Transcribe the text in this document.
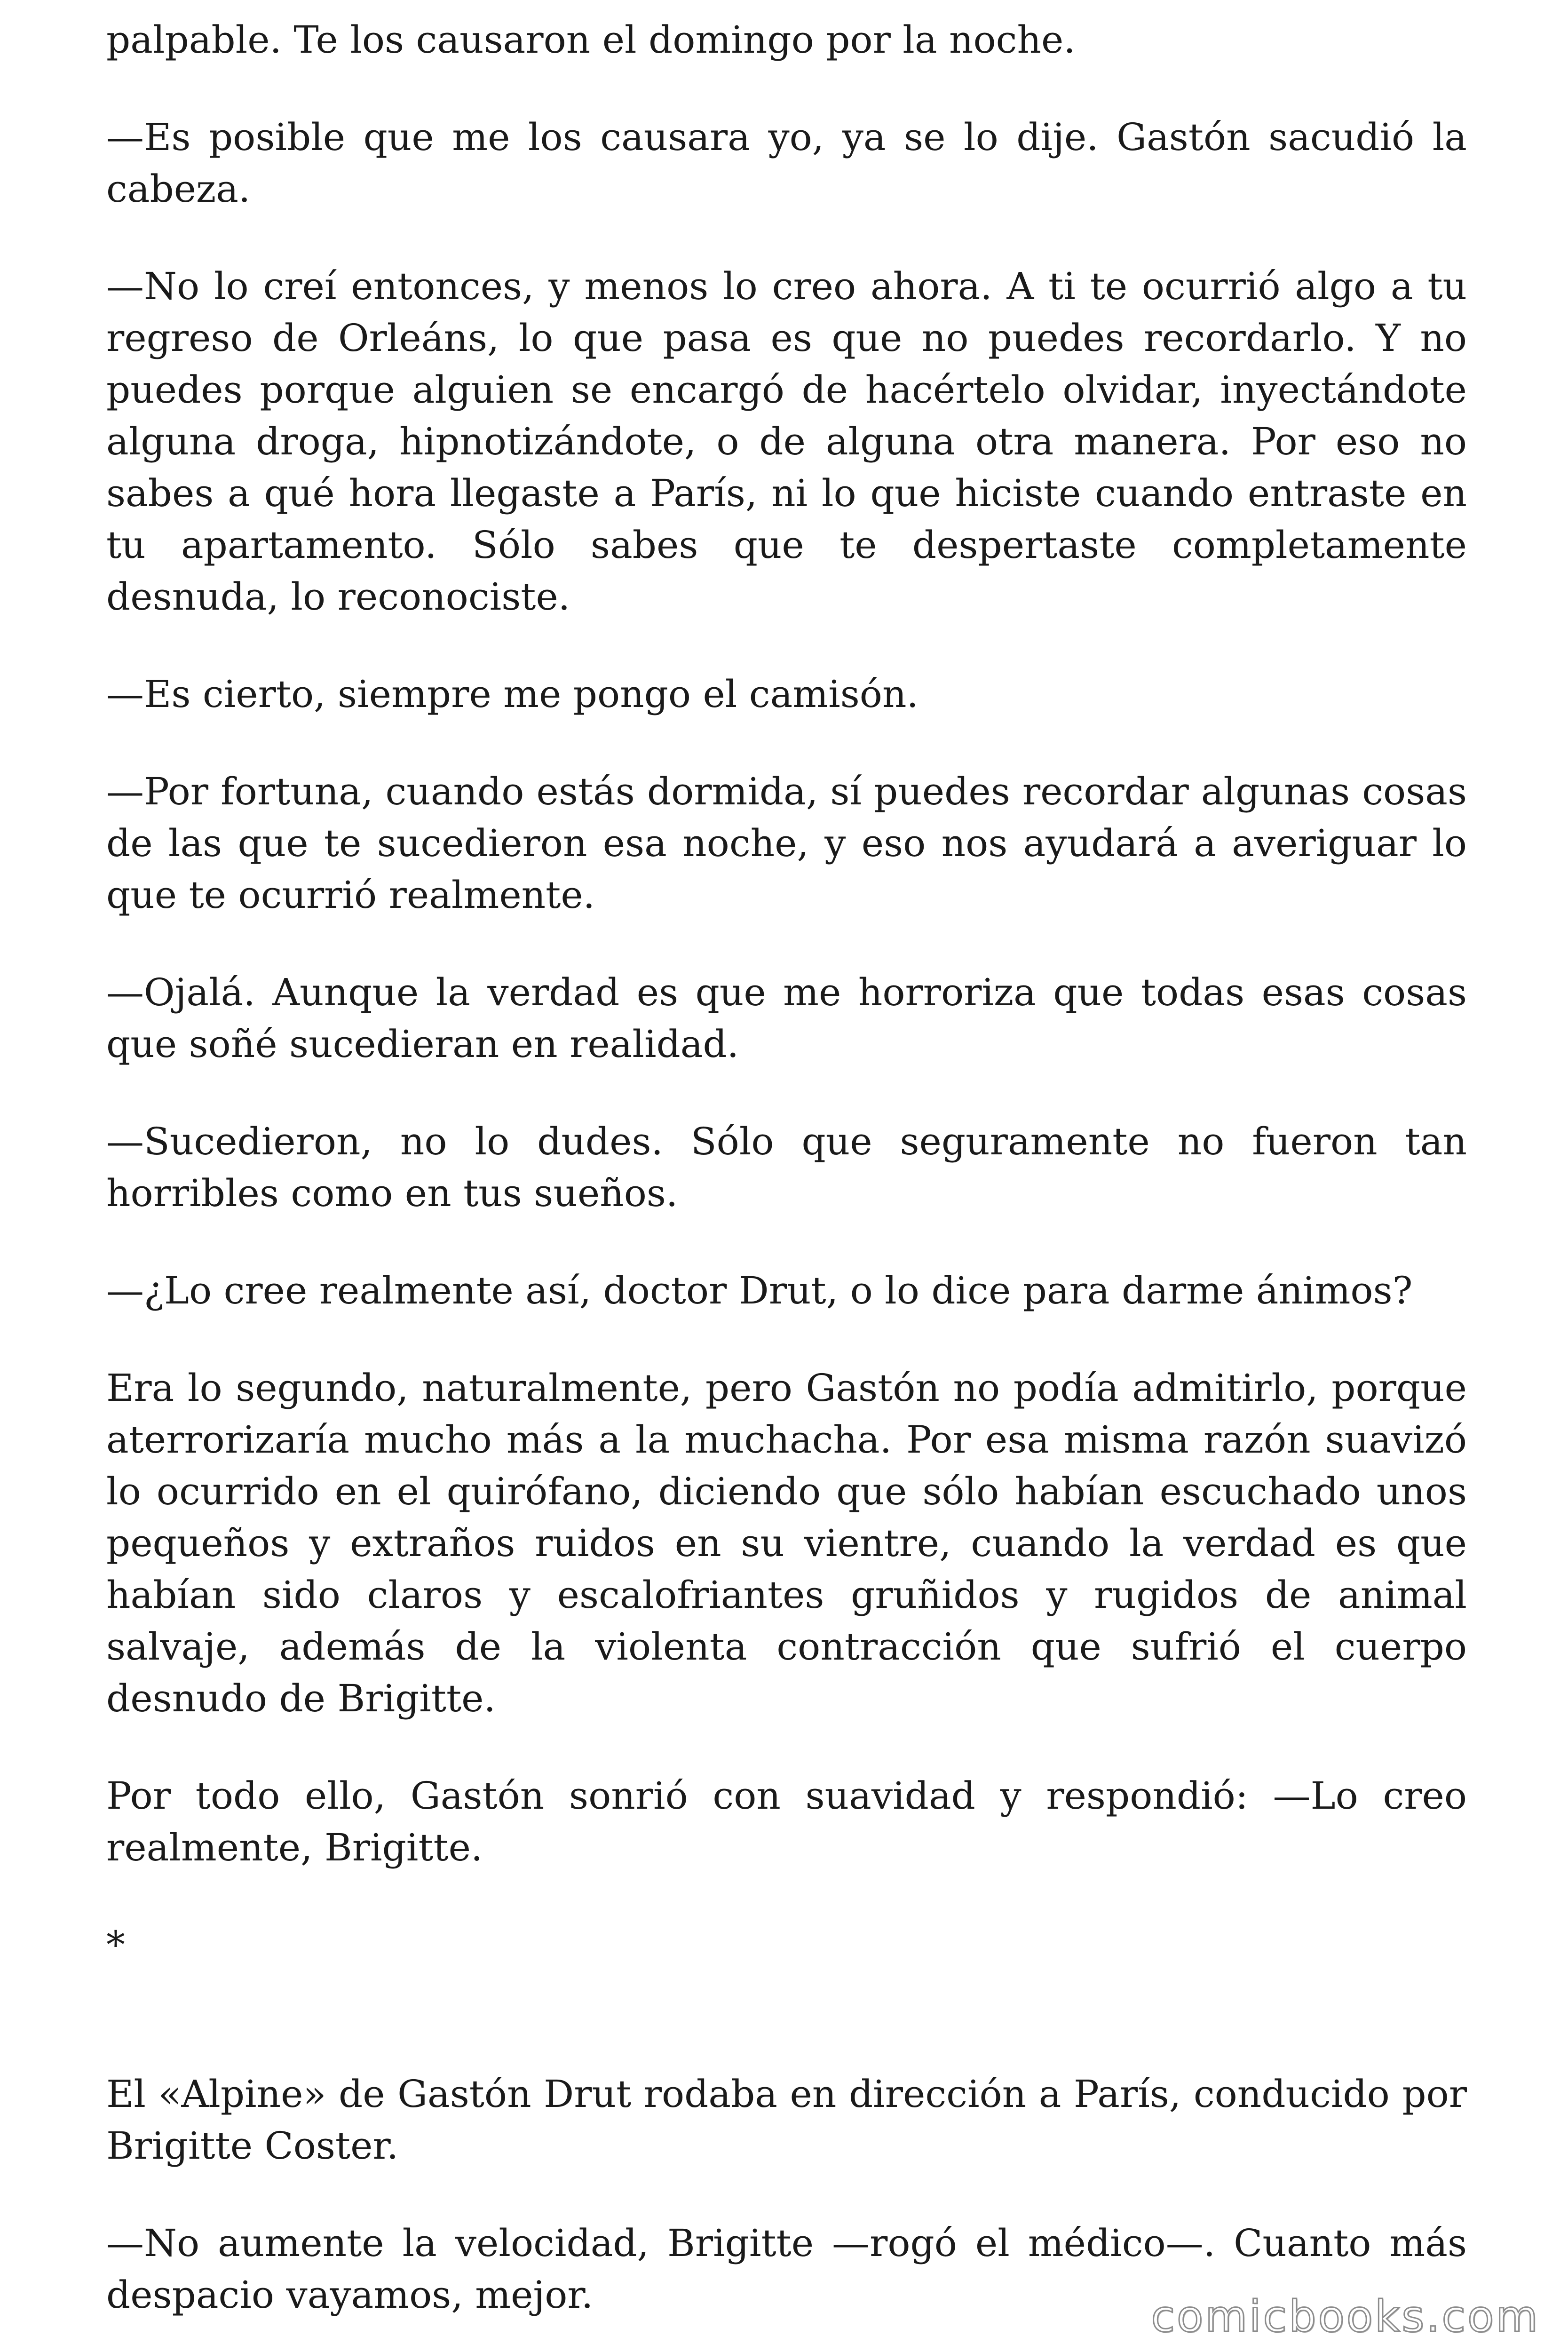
palpable. Te los causaron el domingo por la noche.

—Es posible que me los causara yo, ya se lo dije. Gastón sacudió la cabeza.

—No lo creí entonces, y menos lo creo ahora. A ti te ocurrió algo a tu regreso de Orleáns, lo que pasa es que no puedes recordarlo. Y no puedes porque alguien se encargó de hacértelo olvidar, inyectándote alguna droga, hipnotizándote, o de alguna otra manera. Por eso no sabes a qué hora llegaste a París, ni lo que hiciste cuando entraste en tu apartamento. Sólo sabes que te despertaste completamente desnuda, lo reconociste.

—Es cierto, siempre me pongo el camisón.

—Por fortuna, cuando estás dormida, sí puedes recordar algunas cosas de las que te sucedieron esa noche, y eso nos ayudará a averiguar lo que te ocurrió realmente.

—Ojalá. Aunque la verdad es que me horroriza que todas esas cosas que soñé sucedieran en realidad.

—Sucedieron, no lo dudes. Sólo que seguramente no fueron tan horribles como en tus sueños.

—¿Lo cree realmente así, doctor Drut, o lo dice para darme ánimos?

Era lo segundo, naturalmente, pero Gastón no podía admitirlo, porque aterrorizaría mucho más a la muchacha. Por esa misma razón suavizó lo ocurrido en el quirófano, diciendo que sólo habían escuchado unos pequeños y extraños ruidos en su vientre, cuando la verdad es que habían sido claros y escalofriantes gruñidos y rugidos de animal salvaje, además de la violenta contracción que sufrió el cuerpo desnudo de Brigitte.

Por todo ello, Gastón sonrió con suavidad y respondió: —Lo creo realmente, Brigitte.

*

El «Alpine» de Gastón Drut rodaba en dirección a París, conducido por Brigitte Coster.

—No aumente la velocidad, Brigitte —rogó el médico—. Cuanto más despacio vayamos, mejor.	comicbooks.com
